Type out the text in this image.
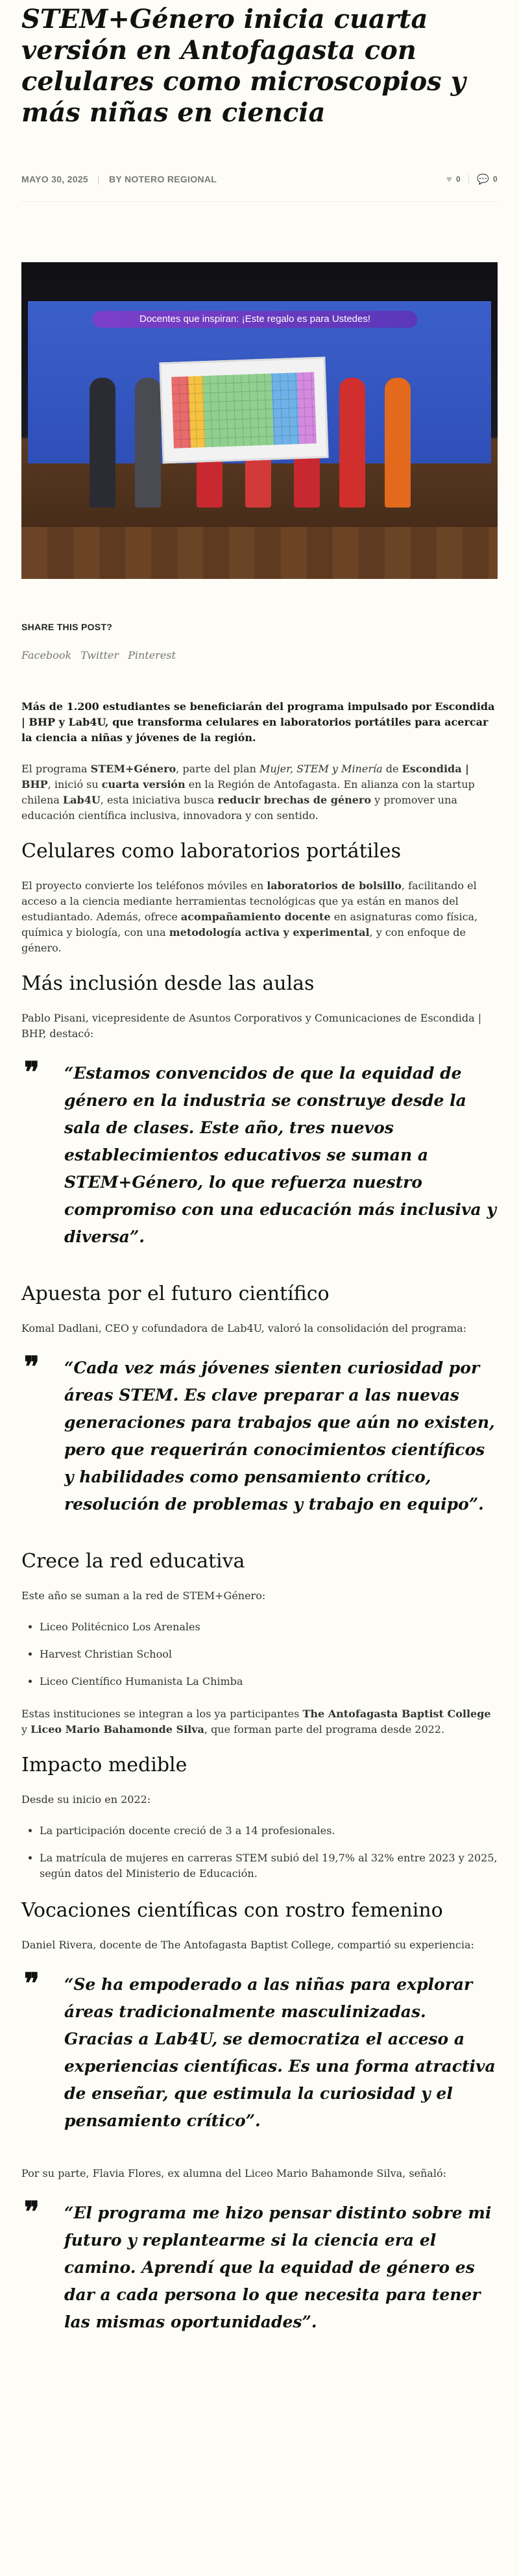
STEM+Género inicia cuarta versión en Antofagasta con celulares como microscopios y más niñas en ciencia
MAYO 30, 2025 | BY NOTERO REGIONAL	♥ 0 💬 0
Docentes que inspiran: ¡Este regalo es para Ustedes!
SHARE THIS POST?
Facebook Twitter Pinterest

Más de 1.200 estudiantes se beneficiarán del programa impulsado por Escondida | BHP y Lab4U, que transforma celulares en laboratorios portátiles para acercar la ciencia a niñas y jóvenes de la región.

El programa STEM+Género, parte del plan Mujer, STEM y Minería de Escondida | BHP, inició su cuarta versión en la Región de Antofagasta. En alianza con la startup chilena Lab4U, esta iniciativa busca reducir brechas de género y promover una educación científica inclusiva, innovadora y con sentido.

Celulares como laboratorios portátiles

El proyecto convierte los teléfonos móviles en laboratorios de bolsillo, facilitando el acceso a la ciencia mediante herramientas tecnológicas que ya están en manos del estudiantado. Además, ofrece acompañamiento docente en asignaturas como física, química y biología, con una metodología activa y experimental, y con enfoque de género.

Más inclusión desde las aulas

Pablo Pisani, vicepresidente de Asuntos Corporativos y Comunicaciones de Escondida | BHP, destacó:

❞ “Estamos convencidos de que la equidad de género en la industria se construye desde la sala de clases. Este año, tres nuevos establecimientos educativos se suman a STEM+Género, lo que refuerza nuestro compromiso con una educación más inclusiva y diversa”.
Apuesta por el futuro científico

Komal Dadlani, CEO y cofundadora de Lab4U, valoró la consolidación del programa:

❞ “Cada vez más jóvenes sienten curiosidad por áreas STEM. Es clave preparar a las nuevas generaciones para trabajos que aún no existen, pero que requerirán conocimientos científicos y habilidades como pensamiento crítico, resolución de problemas y trabajo en equipo”.
Crece la red educativa

Este año se suman a la red de STEM+Género:

• Liceo Politécnico Los Arenales
• Harvest Christian School
• Liceo Científico Humanista La Chimba

Estas instituciones se integran a los ya participantes The Antofagasta Baptist College y Liceo Mario Bahamonde Silva, que forman parte del programa desde 2022.

Impacto medible

Desde su inicio en 2022:

• La participación docente creció de 3 a 14 profesionales.
• La matrícula de mujeres en carreras STEM subió del 19,7% al 32% entre 2023 y 2025, según datos del Ministerio de Educación.
Vocaciones científicas con rostro femenino

Daniel Rivera, docente de The Antofagasta Baptist College, compartió su experiencia:

❞ “Se ha empoderado a las niñas para explorar áreas tradicionalmente masculinizadas. Gracias a Lab4U, se democratiza el acceso a experiencias científicas. Es una forma atractiva de enseñar, que estimula la curiosidad y el pensamiento crítico”.

Por su parte, Flavia Flores, ex alumna del Liceo Mario Bahamonde Silva, señaló:

❞ “El programa me hizo pensar distinto sobre mi futuro y replantearme si la ciencia era el camino. Aprendí que la equidad de género es dar a cada persona lo que necesita para tener las mismas oportunidades”.
